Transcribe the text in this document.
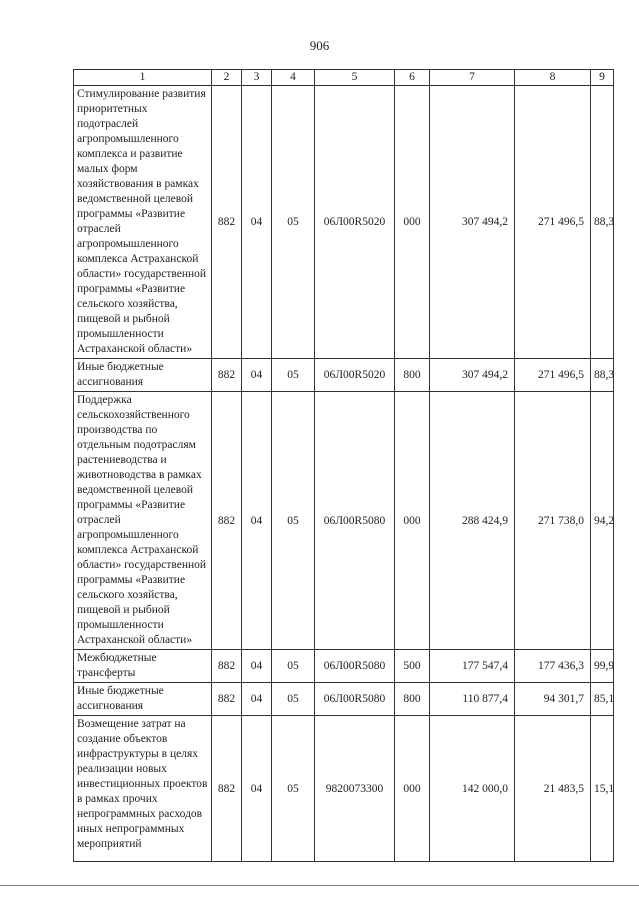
906
1	2	3	4	5	6	7	8	9
Стимулирование развития приоритетных подотраслей агропромышленного комплекса и развитие малых форм хозяйствования в рамках ведомственной целевой программы «Развитие отраслей агропромышленного комплекса Астраханской области» государственной программы «Развитие сельского хозяйства, пищевой и рыбной промышленности Астраханской области»	882	04	05	06Л00R5020	000	307 494,2	271 496,5	88,3
Иные бюджетные ассигнования	882	04	05	06Л00R5020	800	307 494,2	271 496,5	88,3
Поддержка сельскохозяйственного производства по отдельным подотраслям растениеводства и животноводства в рамках ведомственной целевой программы «Развитие отраслей агропромышленного комплекса Астраханской области» государственной программы «Развитие сельского хозяйства, пищевой и рыбной промышленности Астраханской области»	882	04	05	06Л00R5080	000	288 424,9	271 738,0	94,2
Межбюджетные трансферты	882	04	05	06Л00R5080	500	177 547,4	177 436,3	99,9
Иные бюджетные ассигнования	882	04	05	06Л00R5080	800	110 877,4	94 301,7	85,1
Возмещение затрат на создание объектов инфраструктуры в целях реализации новых инвестиционных проектов в рамках прочих непрограммных расходов иных непрограммных мероприятий	882	04	05	9820073300	000	142 000,0	21 483,5	15,1
